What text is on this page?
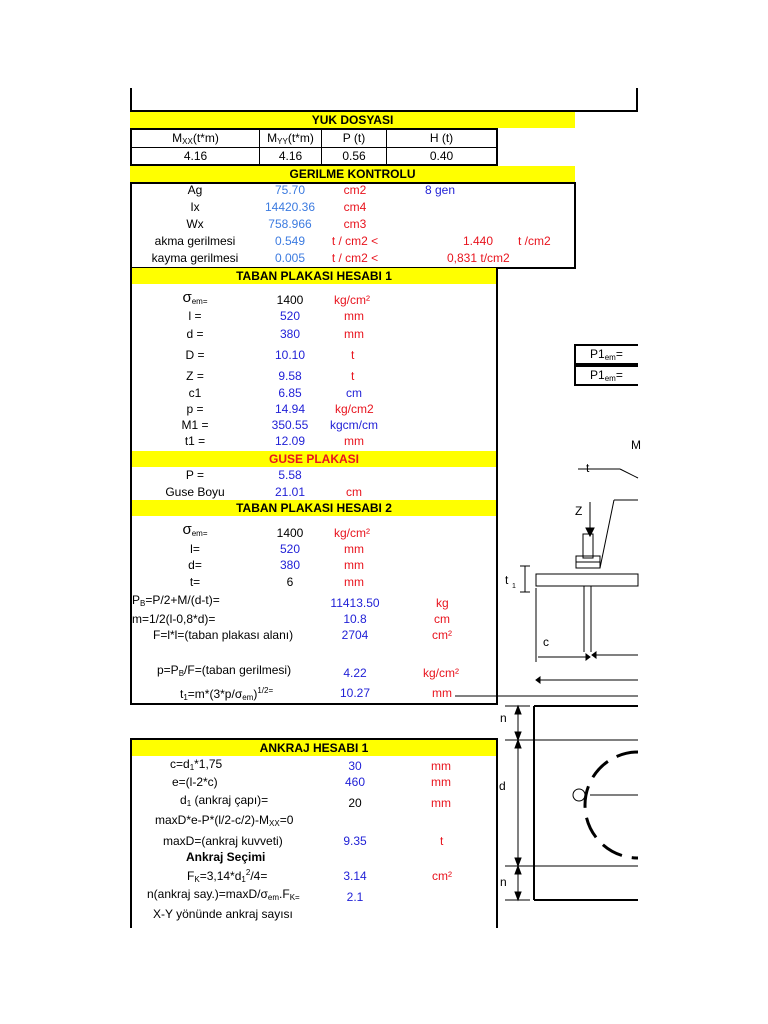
YUK DOSYASI
$M_{XX}(t*m)$	$M_{YY}(t*m)$	P (t)	H (t)
4.16	4.16	0.56	0.40
GERILME KONTROLU
Ag	75.70	cm2	8 gen
Ix	14420.36	cm4
Wx	758.966	cm3
akma gerilmesi	0.549	t / cm2 <	1.440 t /cm2
kayma gerilmesi	0.005	t / cm2 <	0,831 t/cm2
TABAN PLAKASI HESABI 1
$\sigma_{em=}$	1400	kg/cm²
l =	520	mm
d =	380	mm
D =	10.10	t
Z =	9.58	t
c1	6.85	cm
p =	14.94	kg/cm2
M1 =	350.55	kgcm/cm
t1 =	12.09	mm
GUSE PLAKASI
P =	5.58
Guse Boyu	21.01	cm
TABAN PLAKASI HESABI 2
$\sigma_{em=}$	1400	kg/cm²
l=	520	mm
d=	380	mm
t=	6	mm
$P_B=P/2+M/(d-t)=$	11413.50	kg
m=1/2(l-0,8*d)=	10.8	cm
F=l*l=(taban plakası alanı)	2704	cm²
$p=P_B/F=(taban$ gerilmesi)	4.22	kg/cm²
$t_1=m*(3*p/\sigma_{em})^{1/2=}$	10.27	mm
ANKRAJ HESABI 1
$c=d_1*1,75$	30	mm
e=(l-2*c)	460	mm
$d_1$ (ankraj çapı)=	20	mm
$\max D*e-P*(l/2-c/2)-M_{XX}=0$
maxD=(ankraj kuvveti)	9.35	t
Ankraj Seçimi
$F_K=3,14*d_1^2/4=$	3.14	cm²
n(ankraj $say.)=\max D/\sigma_{em}.F_{K=}$	2.1
X-Y yönünde ankraj sayısı
$P1_{em}=$
$P1_{em}=$
M
t
Z
t 1
c
n
d
n
